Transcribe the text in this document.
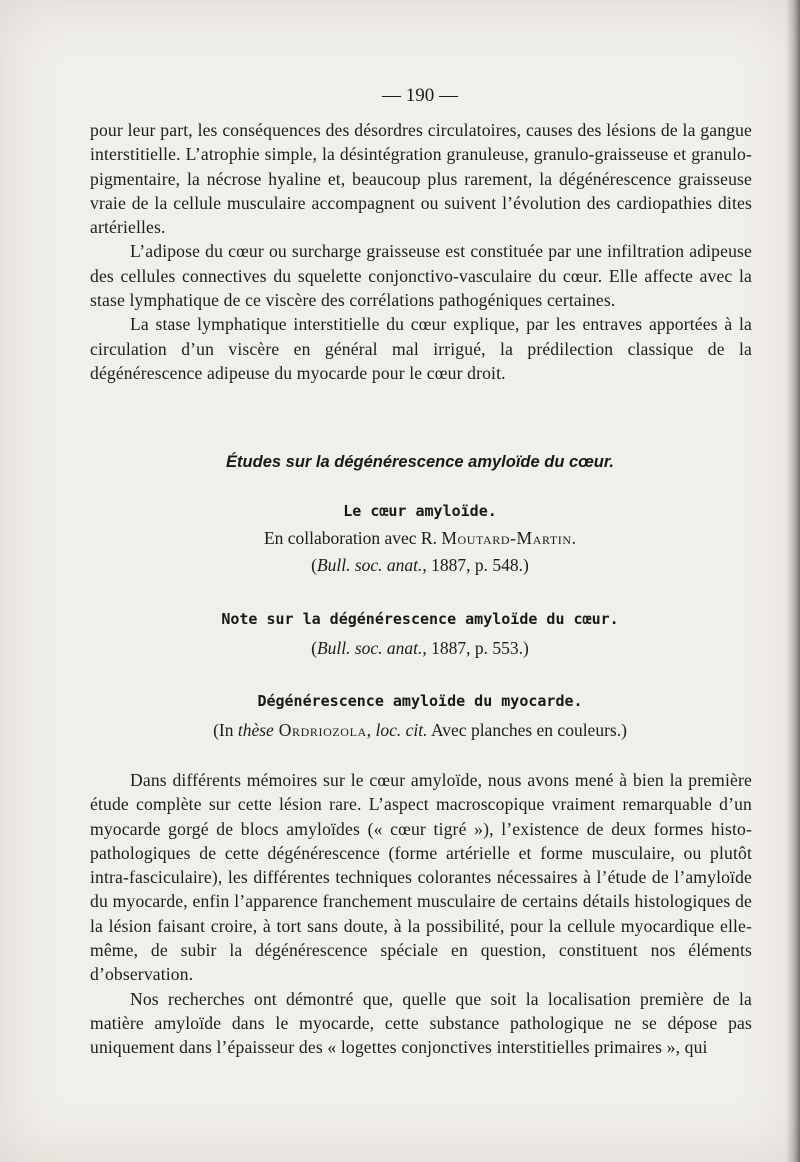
— 190 —

pour leur part, les conséquences des désordres circulatoires, causes des lésions de la gangue interstitielle. L’atrophie simple, la désintégration granuleuse, granulo-graisseuse et granulo-pigmentaire, la nécrose hyaline et, beaucoup plus rarement, la dégénérescence graisseuse vraie de la cellule musculaire accompagnent ou suivent l’évolution des cardiopathies dites artérielles.

L’adipose du cœur ou surcharge graisseuse est constituée par une infiltration adipeuse des cellules connectives du squelette conjonctivo-vasculaire du cœur. Elle affecte avec la stase lymphatique de ce viscère des corrélations pathogéniques certaines.

La stase lymphatique interstitielle du cœur explique, par les entraves apportées à la circulation d’un viscère en général mal irrigué, la prédilection classique de la dégénérescence adipeuse du myocarde pour le cœur droit.

Études sur la dégénérescence amyloïde du cœur.
Le cœur amyloïde.
En collaboration avec R. Moutard-Martin.
(Bull. soc. anat., 1887, p. 548.)
Note sur la dégénérescence amyloïde du cœur.
(Bull. soc. anat., 1887, p. 553.)
Dégénérescence amyloïde du myocarde.
(In thèse Ordriozola, loc. cit. Avec planches en couleurs.)

Dans différents mémoires sur le cœur amyloïde, nous avons mené à bien la première étude complète sur cette lésion rare. L’aspect macroscopique vraiment remarquable d’un myocarde gorgé de blocs amyloïdes (« cœur tigré »), l’existence de deux formes histo-pathologiques de cette dégénérescence (forme artérielle et forme musculaire, ou plutôt intra-fasciculaire), les différentes techniques colorantes nécessaires à l’étude de l’amyloïde du myocarde, enfin l’apparence franchement musculaire de certains détails histologiques de la lésion faisant croire, à tort sans doute, à la possibilité, pour la cellule myocardique elle-même, de subir la dégénérescence spéciale en question, constituent nos éléments d’observation.

Nos recherches ont démontré que, quelle que soit la localisation première de la matière amyloïde dans le myocarde, cette substance pathologique ne se dépose pas uniquement dans l’épaisseur des « logettes conjonctives interstitielles primaires », qui
